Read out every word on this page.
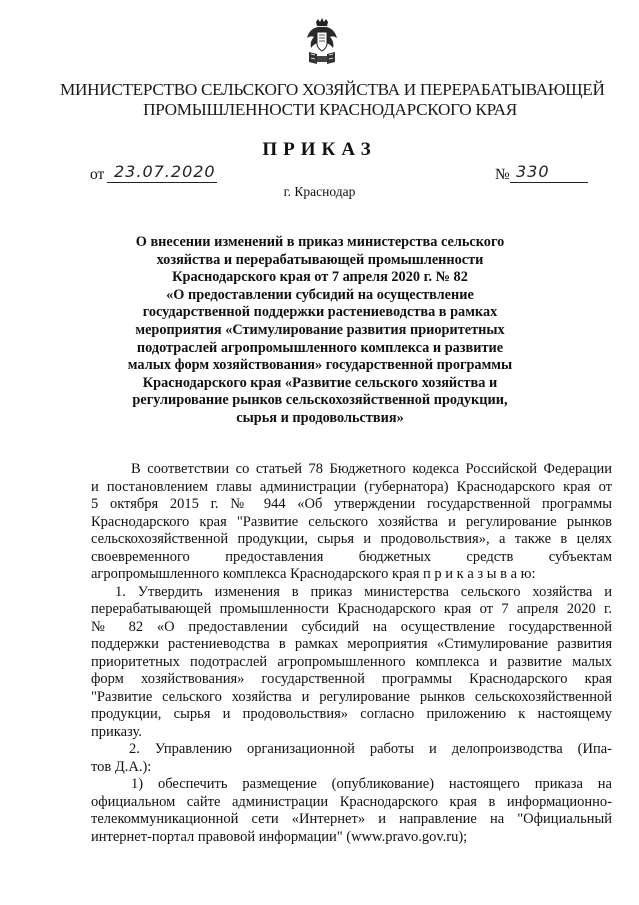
МИНИСТЕРСТВО СЕЛЬСКОГО ХОЗЯЙСТВА И ПЕРЕРАБАТЫВАЮЩЕЙ
ПРОМЫШЛЕННОСТИ КРАСНОДАРСКОГО КРАЯ
ПРИКАЗ
от 23.07.2020	№ 330
г. Краснодар
О внесении изменений в приказ министерства сельского
хозяйства и перерабатывающей промышленности
Краснодарского края от 7 апреля 2020 г. № 82
«О предоставлении субсидий на осуществление
государственной поддержки растениеводства в рамках
мероприятия «Стимулирование развития приоритетных
подотраслей агропромышленного комплекса и развитие
малых форм хозяйствования» государственной программы
Краснодарского края «Развитие сельского хозяйства и
регулирование рынков сельскохозяйственной продукции,
сырья и продовольствия»
В соответствии со статьей 78 Бюджетного кодекса Российской Федерации
и постановлением главы администрации (губернатора) Краснодарского края от
5 октября 2015 г. № 944 «Об утверждении государственной программы
Краснодарского края "Развитие сельского хозяйства и регулирование рынков
сельскохозяйственной продукции, сырья и продовольствия», а также в целях
своевременного предоставления бюджетных средств субъектам
агропромышленного комплекса Краснодарского края п р и к а з ы в а ю:
1. Утвердить изменения в приказ министерства сельского хозяйства и
перерабатывающей промышленности Краснодарского края от 7 апреля 2020 г.
№ 82 «О предоставлении субсидий на осуществление государственной
поддержки растениеводства в рамках мероприятия «Стимулирование развития
приоритетных подотраслей агропромышленного комплекса и развитие малых
форм хозяйствования» государственной программы Краснодарского края
"Развитие сельского хозяйства и регулирование рынков сельскохозяйственной
продукции, сырья и продовольствия» согласно приложению к настоящему
приказу.
2. Управлению организационной работы и делопроизводства (Ипа-
тов Д.А.):
1) обеспечить размещение (опубликование) настоящего приказа на
официальном сайте администрации Краснодарского края в информационно-
телекоммуникационной сети «Интернет» и направление на "Официальный
интернет-портал правовой информации" (www.pravo.gov.ru);
